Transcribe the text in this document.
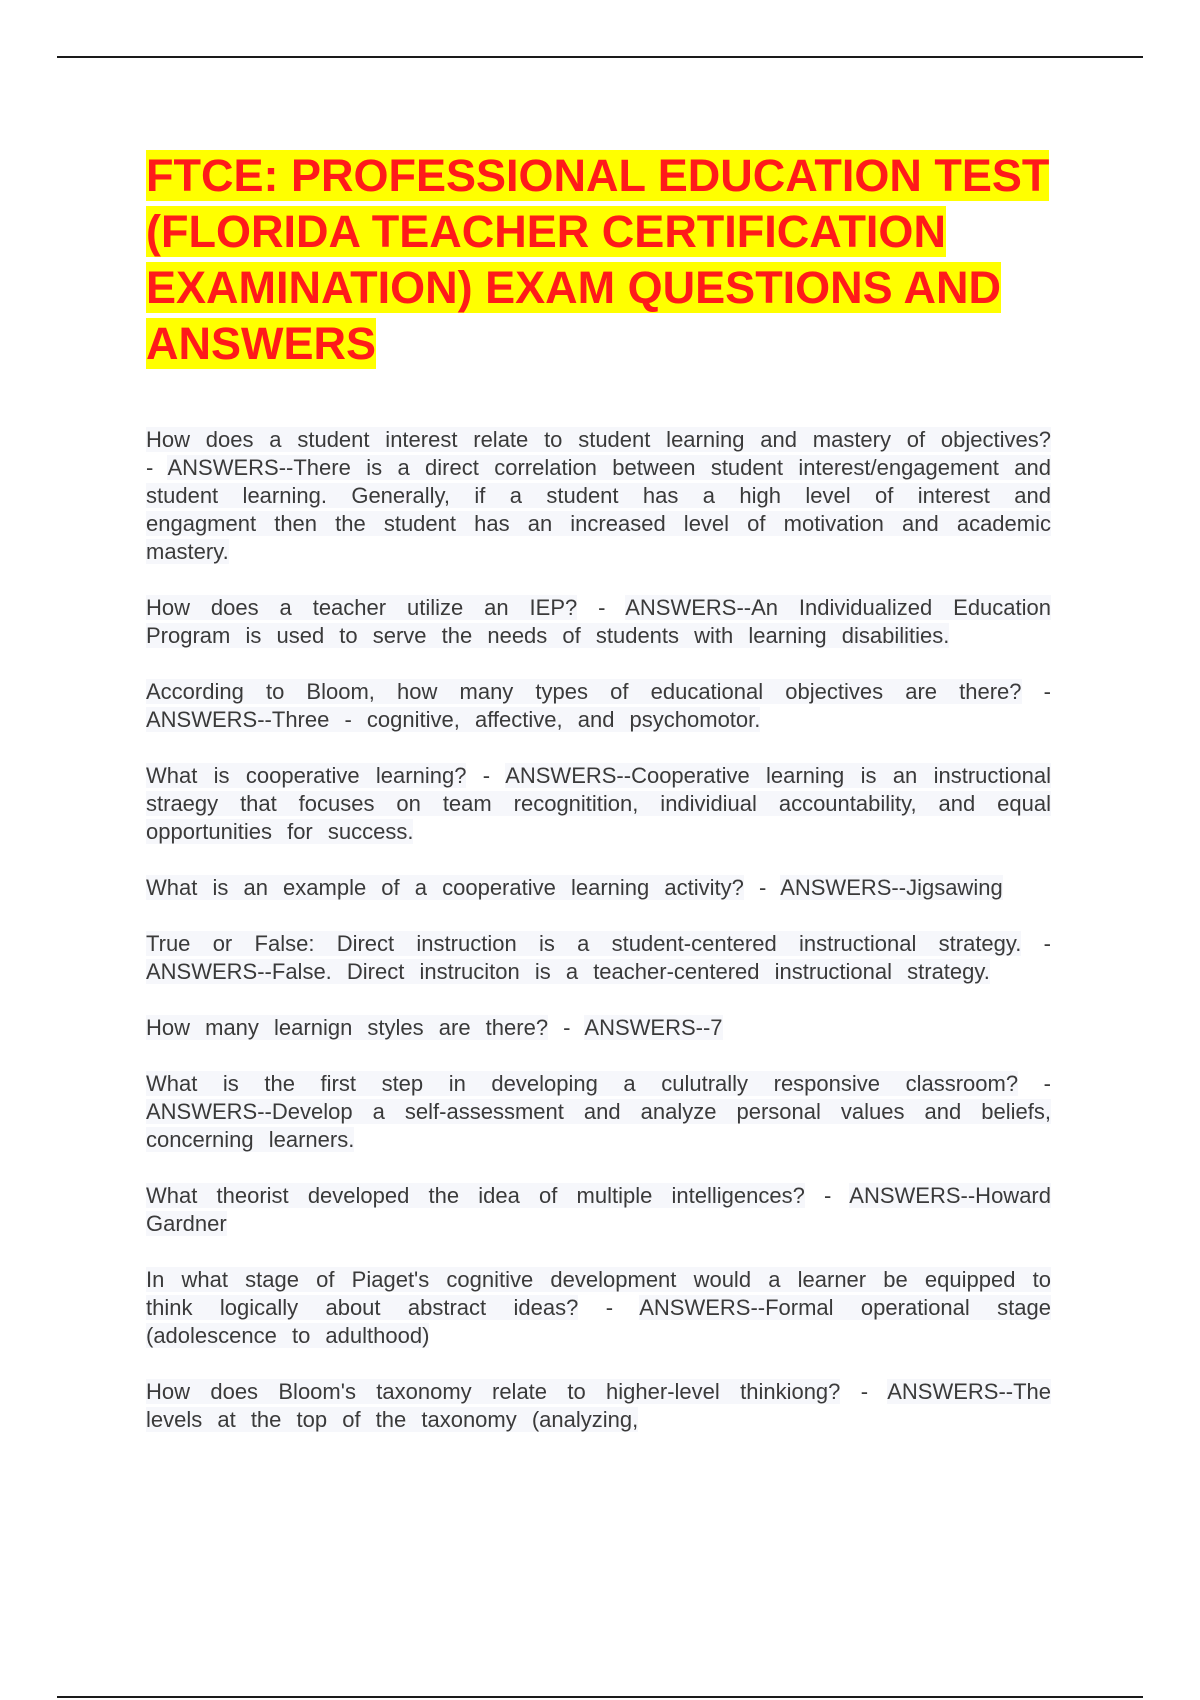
FTCE: PROFESSIONAL EDUCATION TEST (FLORIDA TEACHER CERTIFICATION EXAMINATION) EXAM QUESTIONS AND ANSWERS

How does a student interest relate to student learning and mastery of objectives? - ANSWERS--There is a direct correlation between student interest/engagement and student learning. Generally, if a student has a high level of interest and engagment then the student has an increased level of motivation and academic mastery.

How does a teacher utilize an IEP? - ANSWERS--An Individualized Education Program is used to serve the needs of students with learning disabilities.

According to Bloom, how many types of educational objectives are there? - ANSWERS--Three - cognitive, affective, and psychomotor.

What is cooperative learning? - ANSWERS--Cooperative learning is an instructional straegy that focuses on team recognitition, individiual accountability, and equal opportunities for success.

What is an example of a cooperative learning activity? - ANSWERS--Jigsawing

True or False: Direct instruction is a student-centered instructional strategy. - ANSWERS--False. Direct instruciton is a teacher-centered instructional strategy.

How many learnign styles are there? - ANSWERS--7

What is the first step in developing a culutrally responsive classroom? - ANSWERS--Develop a self-assessment and analyze personal values and beliefs, concerning learners.

What theorist developed the idea of multiple intelligences? - ANSWERS--Howard Gardner

In what stage of Piaget's cognitive development would a learner be equipped to think logically about abstract ideas? - ANSWERS--Formal operational stage (adolescence to adulthood)

How does Bloom's taxonomy relate to higher-level thinkiong? - ANSWERS--The levels at the top of the taxonomy (analyzing,
